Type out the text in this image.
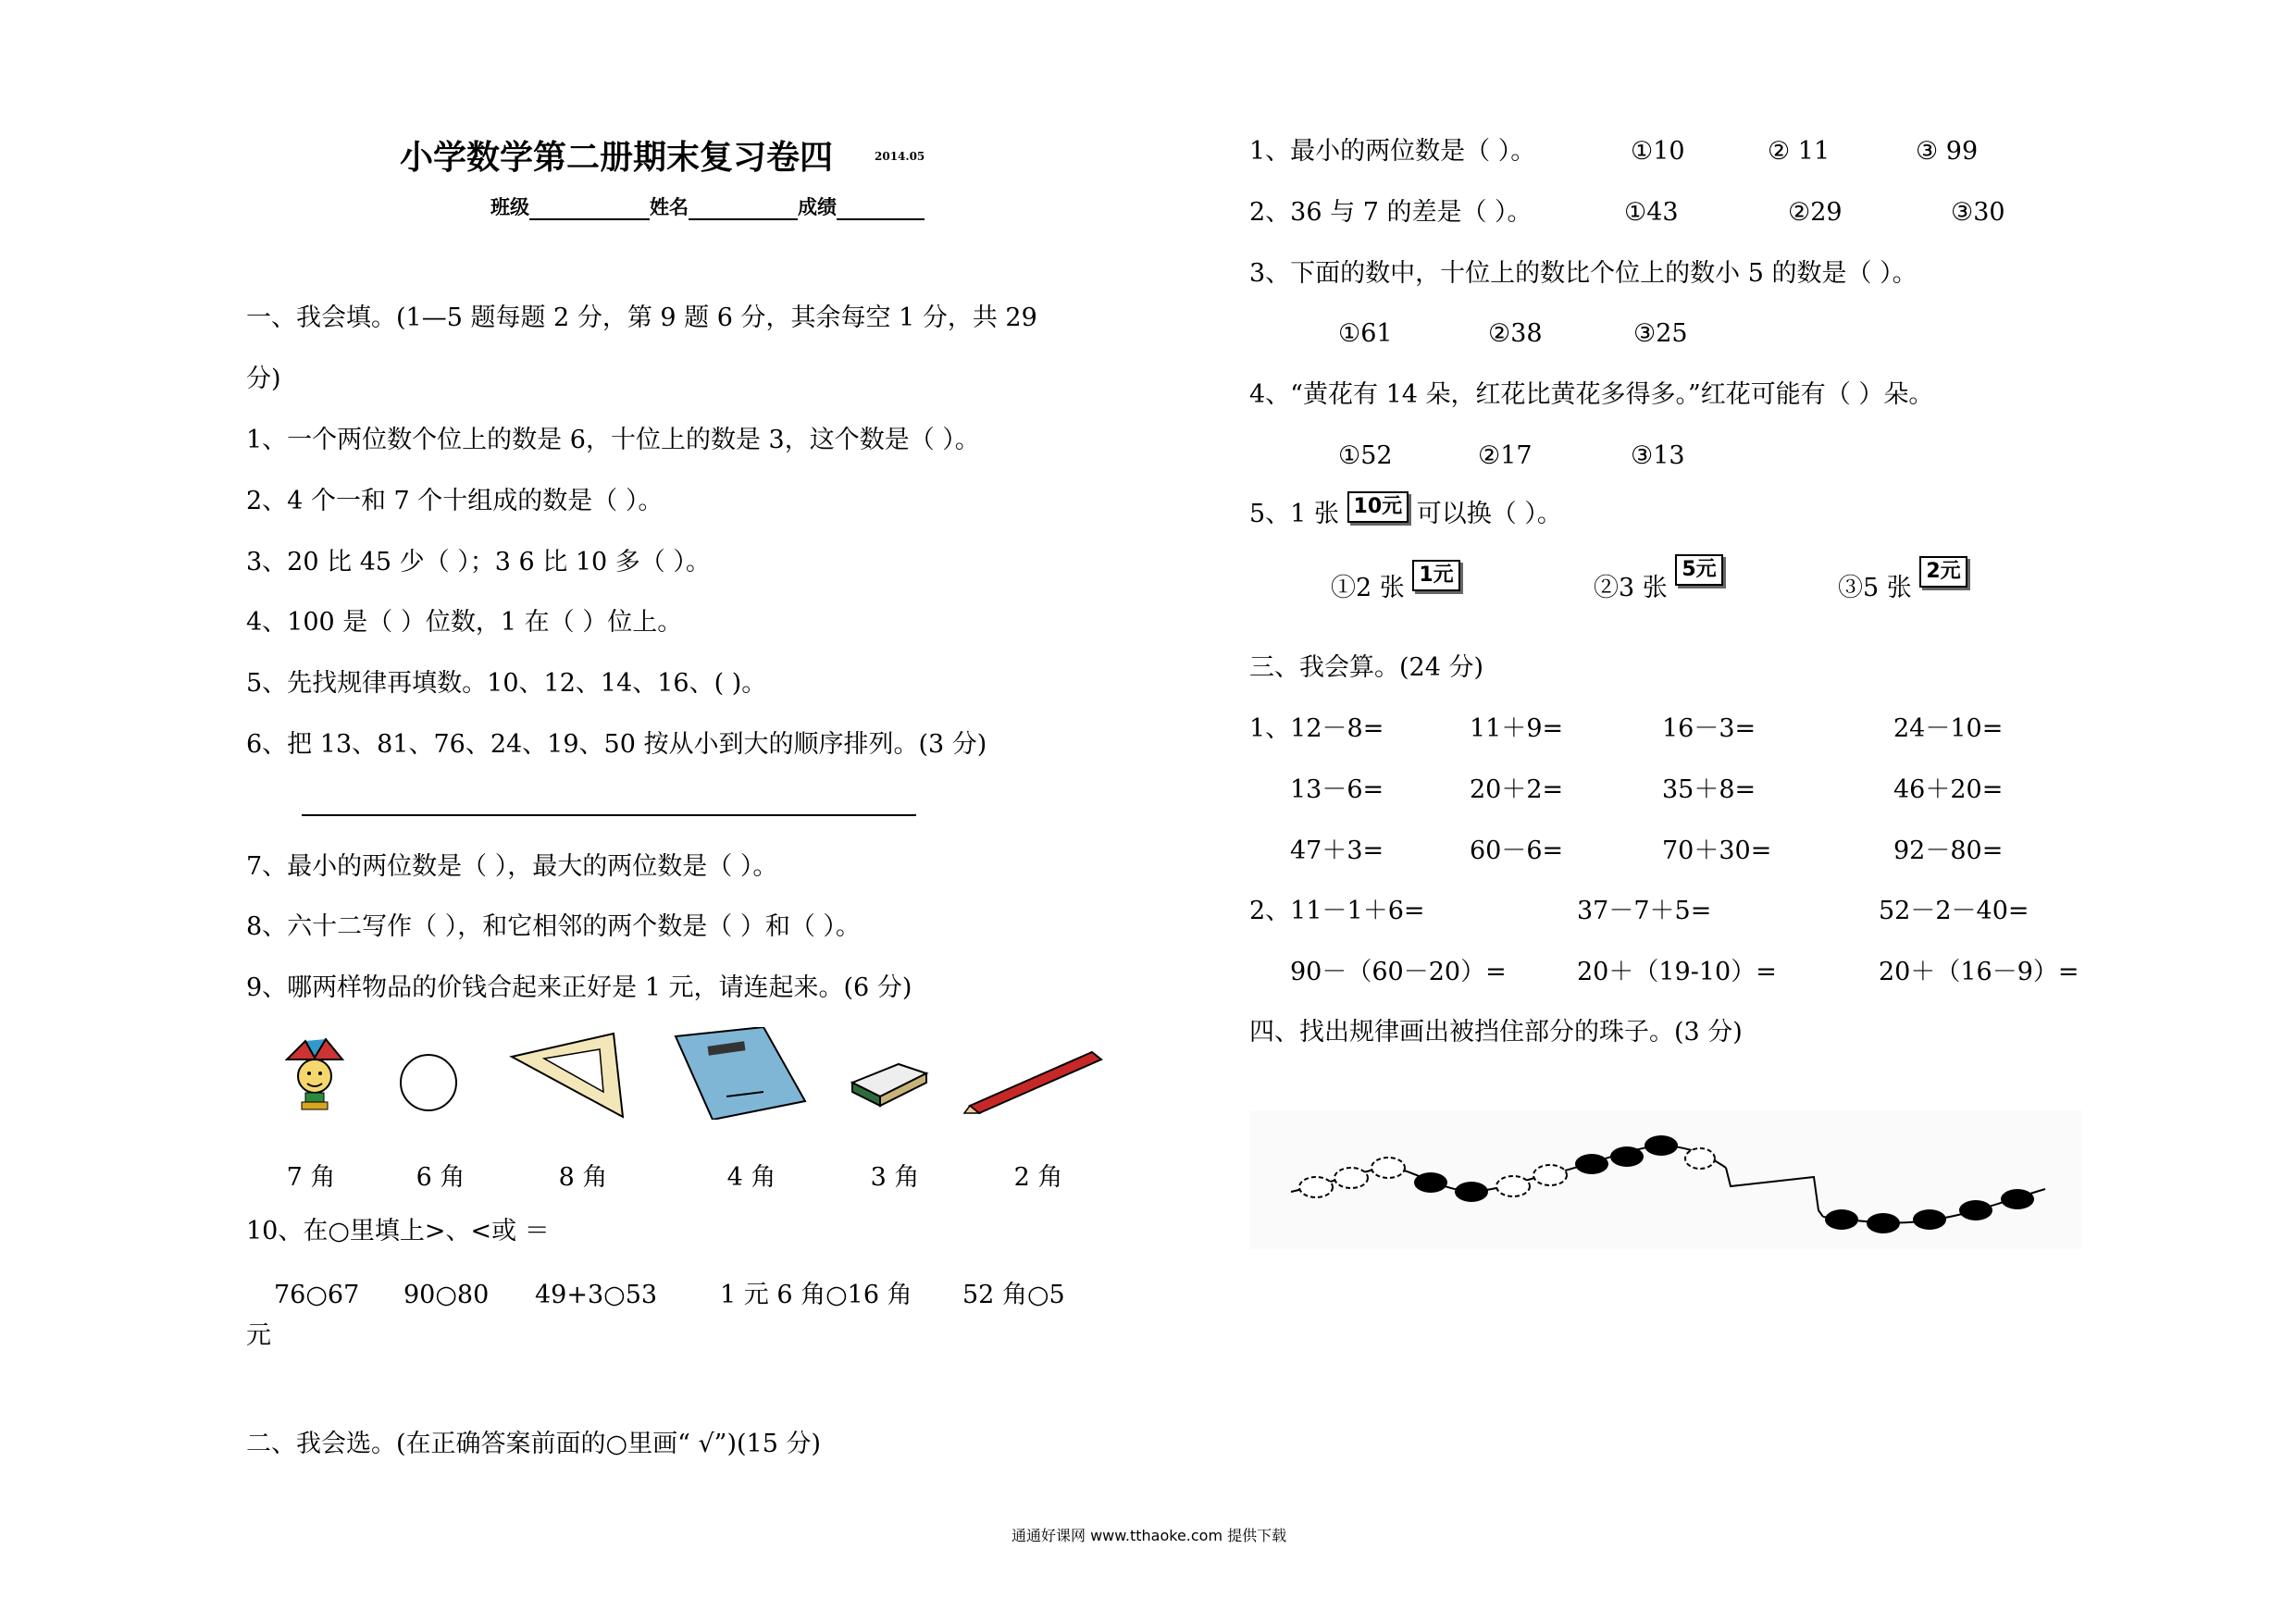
小学数学第二册期末复习卷四	2014.05
班级	姓名	成绩
一、我会填。(1—5 题每题 2 分，第 9 题 6 分，其余每空 1 分，共 29
分)
1、一个两位数个位上的数是 6，十位上的数是 3，这个数是（ ）。
2、4 个一和 7 个十组成的数是（ ）。
3、20 比 45 少（ ）；3 6 比 10 多（ ）。
4、100 是（ ）位数，1 在（ ）位上。
5、先找规律再填数。10、12、14、16、( )。
6、把 13、81、76、24、19、50 按从小到大的顺序排列。(3 分)
7、最小的两位数是（ ），最大的两位数是（ ）。
8、六十二写作（ ），和它相邻的两个数是（ ）和（ ）。
9、哪两样物品的价钱合起来正好是 1 元，请连起来。(6 分)
7 角	6 角	8 角	4 角	3 角	2 角
10、在○里填上>、<或 ＝
76○67 90○80 49+3○53	1 元 6 角○16 角 52 角○5
元
二、我会选。(在正确答案前面的○里画“ √”)(15 分)
1、最小的两位数是（ ）。	①10	② 11	③ 99
2、36 与 7 的差是（ ）。	①43	②29	③30
3、下面的数中，十位上的数比个位上的数小 5 的数是（ ）。
①61	②38	③25
4、“黄花有 14 朵，红花比黄花多得多。”红花可能有（ ）朵。
①52	②17	③13
5、1 张 10元 可以换（ ）。
①2 张 1元	②3 张 5元
③5 张 2元
三、我会算。(24 分)
1、12－8=	11＋9=	16－3=	24－10=
13－6=	20＋2=	35＋8=	46＋20=
47＋3=	60－6=	70＋30=	92－80=
2、11－1＋6=	37－7＋5=	52－2－40=
90－（60－20）=	20＋（19-10）=	20＋（16－9）=
四、找出规律画出被挡住部分的珠子。(3 分)
通通好课网 www.tthaoke.com 提供下载
